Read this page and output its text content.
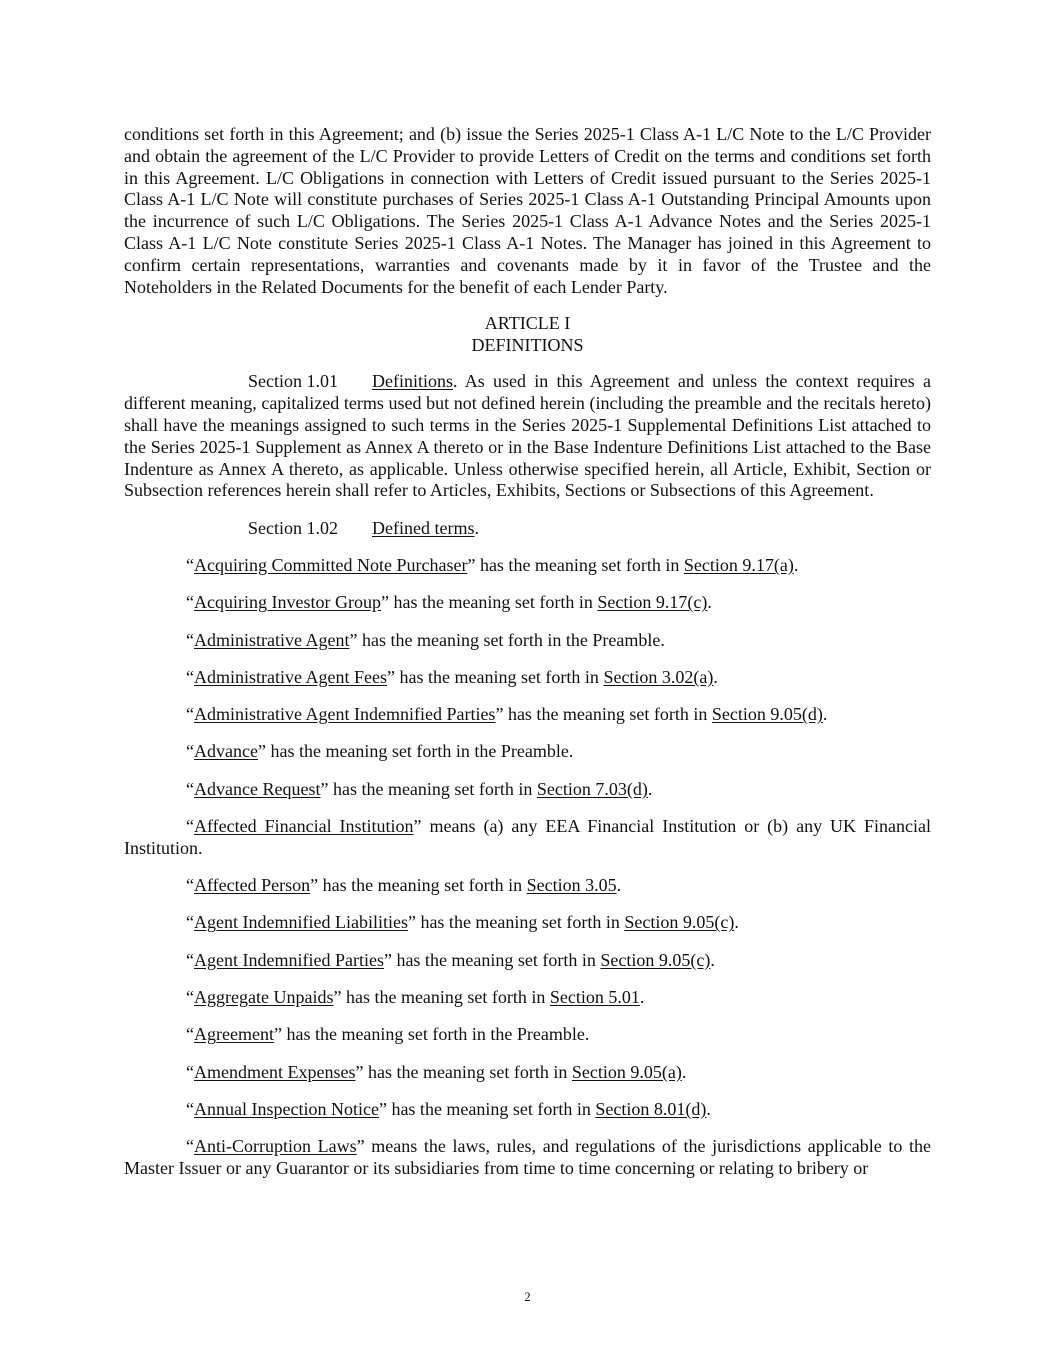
conditions set forth in this Agreement; and (b) issue the Series 2025-1 Class A-1 L/C Note to the L/C Provider and obtain the agreement of the L/C Provider to provide Letters of Credit on the terms and conditions set forth in this Agreement. L/C Obligations in connection with Letters of Credit issued pursuant to the Series 2025-1 Class A-1 L/C Note will constitute purchases of Series 2025-1 Class A-1 Outstanding Principal Amounts upon the incurrence of such L/C Obligations. The Series 2025-1 Class A-1 Advance Notes and the Series 2025-1 Class A-1 L/C Note constitute Series 2025-1 Class A-1 Notes. The Manager has joined in this Agreement to confirm certain representations, warranties and covenants made by it in favor of the Trustee and the Noteholders in the Related Documents for the benefit of each Lender Party.

ARTICLE I

DEFINITIONS

Section 1.01 Definitions. As used in this Agreement and unless the context requires a different meaning, capitalized terms used but not defined herein (including the preamble and the recitals hereto) shall have the meanings assigned to such terms in the Series 2025-1 Supplemental Definitions List attached to the Series 2025-1 Supplement as Annex A thereto or in the Base Indenture Definitions List attached to the Base Indenture as Annex A thereto, as applicable. Unless otherwise specified herein, all Article, Exhibit, Section or Subsection references herein shall refer to Articles, Exhibits, Sections or Subsections of this Agreement.

Section 1.02 Defined terms.

“Acquiring Committed Note Purchaser” has the meaning set forth in Section 9.17(a).

“Acquiring Investor Group” has the meaning set forth in Section 9.17(c).

“Administrative Agent” has the meaning set forth in the Preamble.

“Administrative Agent Fees” has the meaning set forth in Section 3.02(a).

“Administrative Agent Indemnified Parties” has the meaning set forth in Section 9.05(d).

“Advance” has the meaning set forth in the Preamble.

“Advance Request” has the meaning set forth in Section 7.03(d).

“Affected Financial Institution” means (a) any EEA Financial Institution or (b) any UK Financial Institution.

“Affected Person” has the meaning set forth in Section 3.05.

“Agent Indemnified Liabilities” has the meaning set forth in Section 9.05(c).

“Agent Indemnified Parties” has the meaning set forth in Section 9.05(c).

“Aggregate Unpaids” has the meaning set forth in Section 5.01.

“Agreement” has the meaning set forth in the Preamble.

“Amendment Expenses” has the meaning set forth in Section 9.05(a).

“Annual Inspection Notice” has the meaning set forth in Section 8.01(d).

“Anti-Corruption Laws” means the laws, rules, and regulations of the jurisdictions applicable to the Master Issuer or any Guarantor or its subsidiaries from time to time concerning or relating to bribery or

2
